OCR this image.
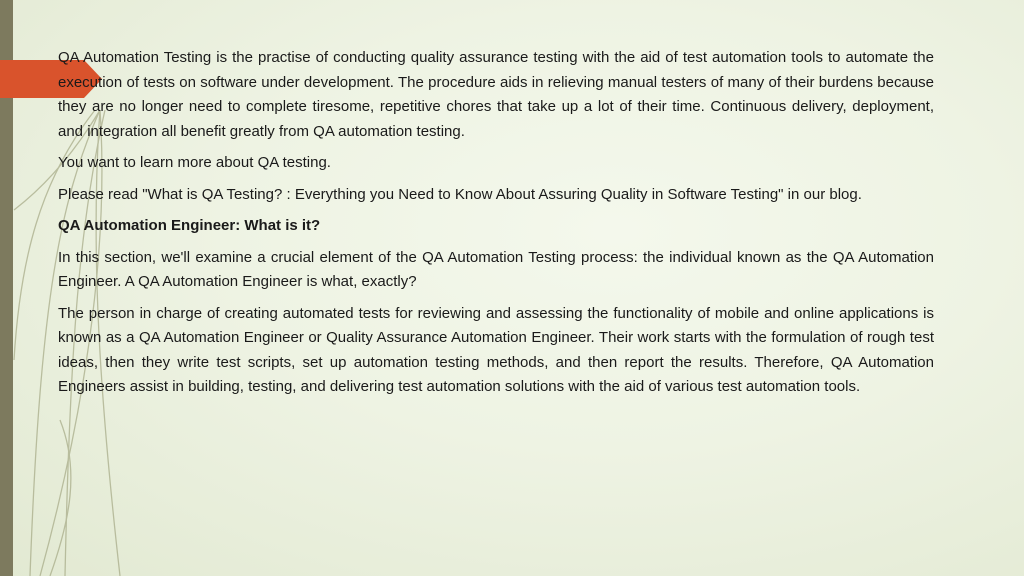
QA Automation Testing is the practise of conducting quality assurance testing with the aid of test automation tools to automate the execution of tests on software under development. The procedure aids in relieving manual testers of many of their burdens because they are no longer need to complete tiresome, repetitive chores that take up a lot of their time. Continuous delivery, deployment, and integration all benefit greatly from QA automation testing.

You want to learn more about QA testing.

Please read "What is QA Testing? : Everything you Need to Know About Assuring Quality in Software Testing" in our blog.

QA Automation Engineer: What is it?

In this section, we'll examine a crucial element of the QA Automation Testing process: the individual known as the QA Automation Engineer. A QA Automation Engineer is what, exactly?

The person in charge of creating automated tests for reviewing and assessing the functionality of mobile and online applications is known as a QA Automation Engineer or Quality Assurance Automation Engineer. Their work starts with the formulation of rough test ideas, then they write test scripts, set up automation testing methods, and then report the results. Therefore, QA Automation Engineers assist in building, testing, and delivering test automation solutions with the aid of various test automation tools.
